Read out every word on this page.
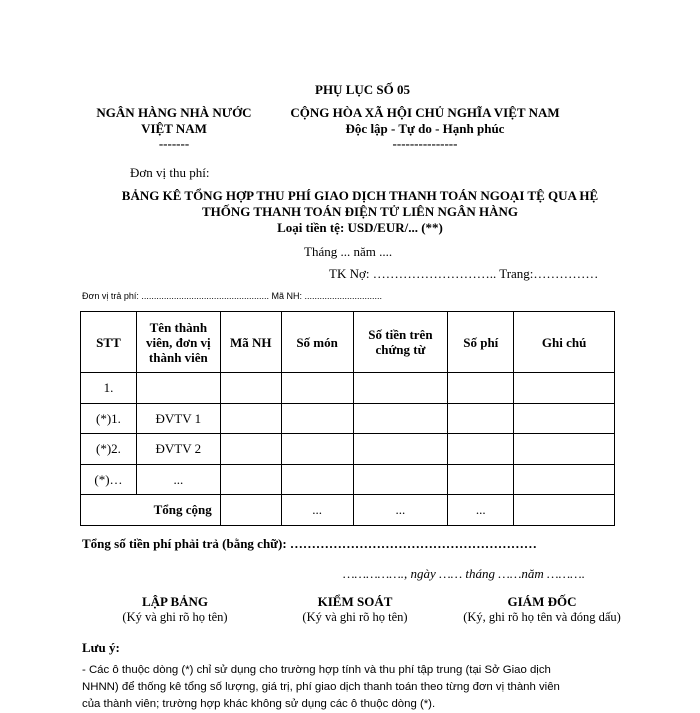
PHỤ LỤC SỐ 05
NGÂN HÀNG NHÀ NƯỚC
VIỆT NAM
-------
CỘNG HÒA XÃ HỘI CHỦ NGHĨA VIỆT NAM
Độc lập - Tự do - Hạnh phúc
---------------
Đơn vị thu phí:
BẢNG KÊ TỔNG HỢP THU PHÍ GIAO DỊCH THANH TOÁN NGOẠI TỆ QUA HỆ
THỐNG THANH TOÁN ĐIỆN TỬ LIÊN NGÂN HÀNG
Loại tiền tệ: USD/EUR/... (**)
Tháng ... năm ....
TK Nợ: ……………………….. Trang:……………
Đơn vị trả phí: ................................................... Mã NH: ...............................
STT	Tên thành viên, đơn vị thành viên	Mã NH	Số món	Số tiền trên chứng từ	Số phí	Ghi chú
1.						
(*)1.	ĐVTV 1					
(*)2.	ĐVTV 2					
(*)…	...					
Tổng cộng			...	...	...	
Tổng số tiền phí phải trả (bằng chữ): …………………………………………………
……………., ngày …… tháng ……năm ……….
LẬP BẢNG
(Ký và ghi rõ họ tên)
KIỂM SOÁT
(Ký và ghi rõ họ tên)
GIÁM ĐỐC
(Ký, ghi rõ họ tên và đóng dấu)
Lưu ý:
- Các ô thuộc dòng (*) chỉ sử dụng cho trường hợp tính và thu phí tập trung (tại Sở Giao dịch
NHNN) để thống kê tổng số lượng, giá trị, phí giao dịch thanh toán theo từng đơn vị thành viên
của thành viên; trường hợp khác không sử dụng các ô thuộc dòng (*).
